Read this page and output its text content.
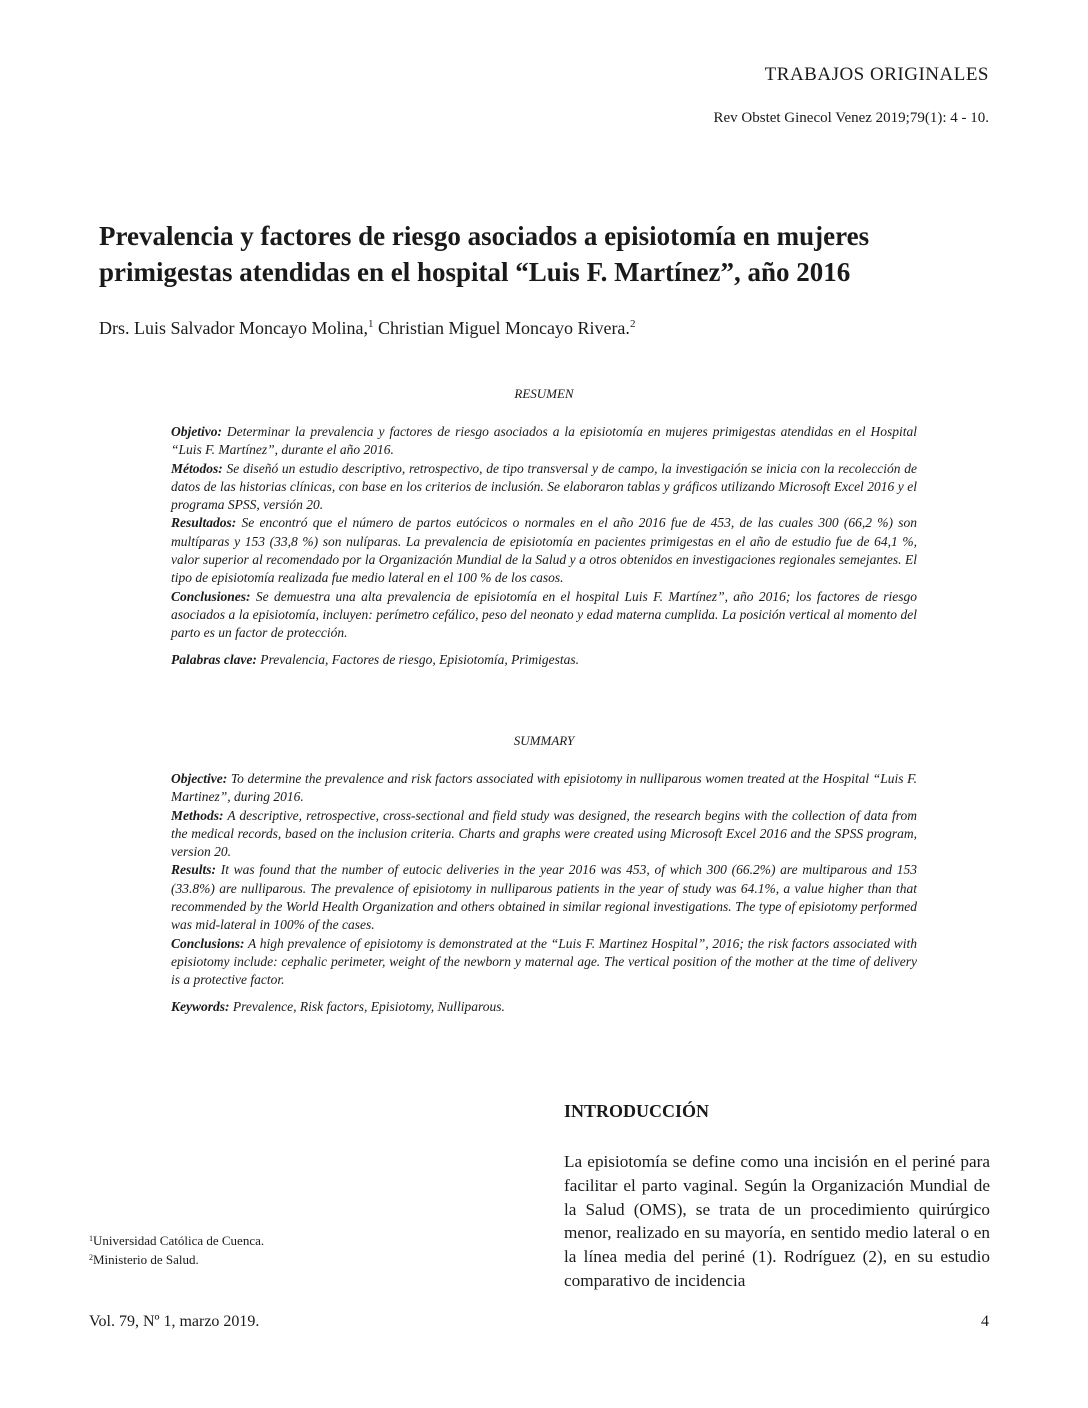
TRABAJOS ORIGINALES
Rev Obstet Ginecol Venez 2019;79(1): 4 - 10.
Prevalencia y factores de riesgo asociados a episiotomía en mujeres primigestas atendidas en el hospital “Luis F. Martínez”, año 2016
Drs. Luis Salvador Moncayo Molina,$^1$ Christian Miguel Moncayo Rivera.$^2$
RESUMEN

Objetivo: Determinar la prevalencia y factores de riesgo asociados a la episiotomía en mujeres primigestas atendidas en el Hospital “Luis F. Martínez”, durante el año 2016.

Métodos: Se diseñó un estudio descriptivo, retrospectivo, de tipo transversal y de campo, la investigación se inicia con la recolección de datos de las historias clínicas, con base en los criterios de inclusión. Se elaboraron tablas y gráficos utilizando Microsoft Excel 2016 y el programa SPSS, versión 20.

Resultados: Se encontró que el número de partos eutócicos o normales en el año 2016 fue de 453, de las cuales 300 (66,2 %) son multíparas y 153 (33,8 %) son nulíparas. La prevalencia de episiotomía en pacientes primigestas en el año de estudio fue de 64,1 %, valor superior al recomendado por la Organización Mundial de la Salud y a otros obtenidos en investigaciones regionales semejantes. El tipo de episiotomía realizada fue medio lateral en el 100 % de los casos.

Conclusiones: Se demuestra una alta prevalencia de episiotomía en el hospital Luis F. Martínez”, año 2016; los factores de riesgo asociados a la episiotomía, incluyen: perímetro cefálico, peso del neonato y edad materna cumplida. La posición vertical al momento del parto es un factor de protección.

Palabras clave: Prevalencia, Factores de riesgo, Episiotomía, Primigestas.

SUMMARY

Objective: To determine the prevalence and risk factors associated with episiotomy in nulliparous women treated at the Hospital “Luis F. Martinez”, during 2016.

Methods: A descriptive, retrospective, cross-sectional and field study was designed, the research begins with the collection of data from the medical records, based on the inclusion criteria. Charts and graphs were created using Microsoft Excel 2016 and the SPSS program, version 20.

Results: It was found that the number of eutocic deliveries in the year 2016 was 453, of which 300 (66.2%) are multiparous and 153 (33.8%) are nulliparous. The prevalence of episiotomy in nulliparous patients in the year of study was 64.1%, a value higher than that recommended by the World Health Organization and others obtained in similar regional investigations. The type of episiotomy performed was mid-lateral in 100% of the cases.

Conclusions: A high prevalence of episiotomy is demonstrated at the “Luis F. Martinez Hospital”, 2016; the risk factors associated with episiotomy include: cephalic perimeter, weight of the newborn y maternal age. The vertical position of the mother at the time of delivery is a protective factor.

Keywords: Prevalence, Risk factors, Episiotomy, Nulliparous.

INTRODUCCIÓN

La episiotomía se define como una incisión en el periné para facilitar el parto vaginal. Según la Organización Mundial de la Salud (OMS), se trata de un procedimiento quirúrgico menor, realizado en su mayoría, en sentido medio lateral o en la línea media del periné (1). Rodríguez (2), en su estudio comparativo de incidencia

$^1$Universidad Católica de Cuenca.
$^2$Ministerio de Salud.
Vol. 79, Nº 1, marzo 2019.	4
